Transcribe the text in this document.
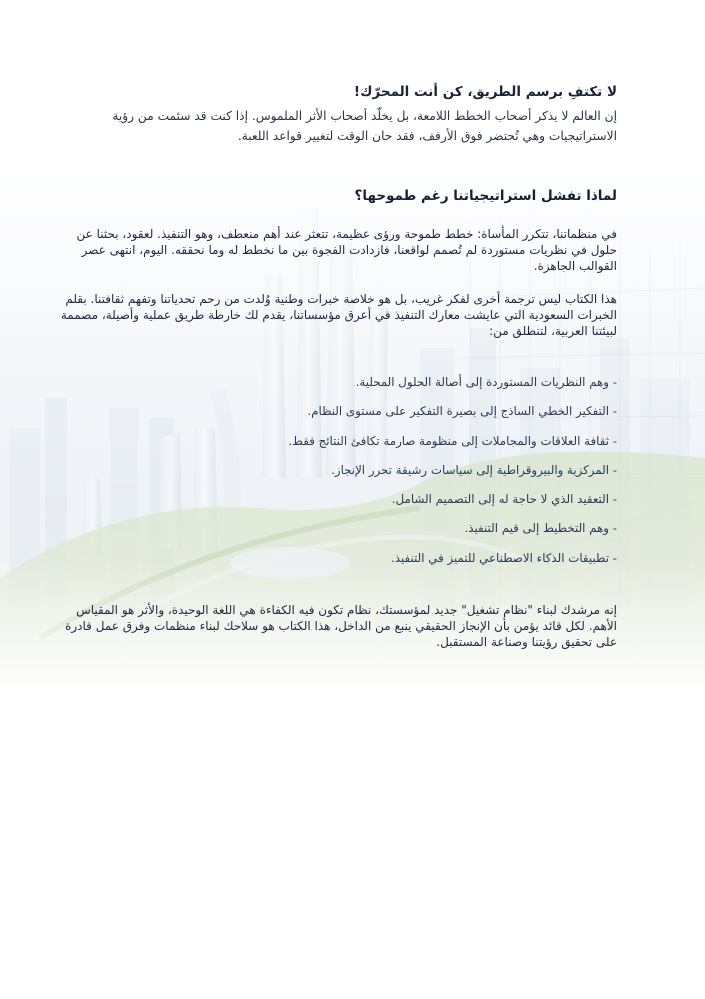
لا تكتفِ برسم الطريق، كن أنت المحرّك!

إن العالم لا يذكر أصحاب الخطط اللامعة، بل يخلّد أصحاب الأثر الملموس. إذا كنت قد سئمت من رؤية الاستراتيجيات وهي تُحتضر فوق الأرفف، فقد حان الوقت لتغيير قواعد اللعبة.

لماذا تفشل استراتيجياتنا رغم طموحها؟

في منظماتنا، تتكرر المأساة: خطط طموحة ورؤى عظيمة، تتعثر عند أهم منعطف، وهو التنفيذ. لعقود، بحثنا عن حلول في نظريات مستوردة لم تُصمم لواقعنا، فازدادت الفجوة بين ما نخطط له وما نحققه. اليوم، انتهى عصر القوالب الجاهزة.

هذا الكتاب ليس ترجمة أخرى لفكر غريب، بل هو خلاصة خبرات وطنية وُلدت من رحم تحدياتنا وتفهم ثقافتنا. بقلم الخبرات السعودية التي عايشت معارك التنفيذ في أعرق مؤسساتنا، يقدم لك خارطة طريق عملية وأصيلة، مصممة لبيئتنا العربية، لتنطلق من:

- وهم النظريات المستوردة إلى أصالة الحلول المحلية.
- التفكير الخطي الساذج إلى بصيرة التفكير على مستوى النظام.
- ثقافة العلاقات والمجاملات إلى منظومة صارمة تكافئ النتائج فقط.
- المركزية والبيروقراطية إلى سياسات رشيقة تحرر الإنجاز.
- التعقيد الذي لا حاجة له إلى التصميم الشامل.
- وهم التخطيط إلى قيم التنفيذ.
- تطبيقات الذكاء الاصطناعي للتميز في التنفيذ.

إنه مرشدك لبناء "نظام تشغيل" جديد لمؤسستك، نظام تكون فيه الكفاءة هي اللغة الوحيدة، والأثر هو المقياس الأهم. لكل قائد يؤمن بأن الإنجاز الحقيقي ينبع من الداخل، هذا الكتاب هو سلاحك لبناء منظمات وفرق عمل قادرة على تحقيق رؤيتنا وصناعة المستقبل.
